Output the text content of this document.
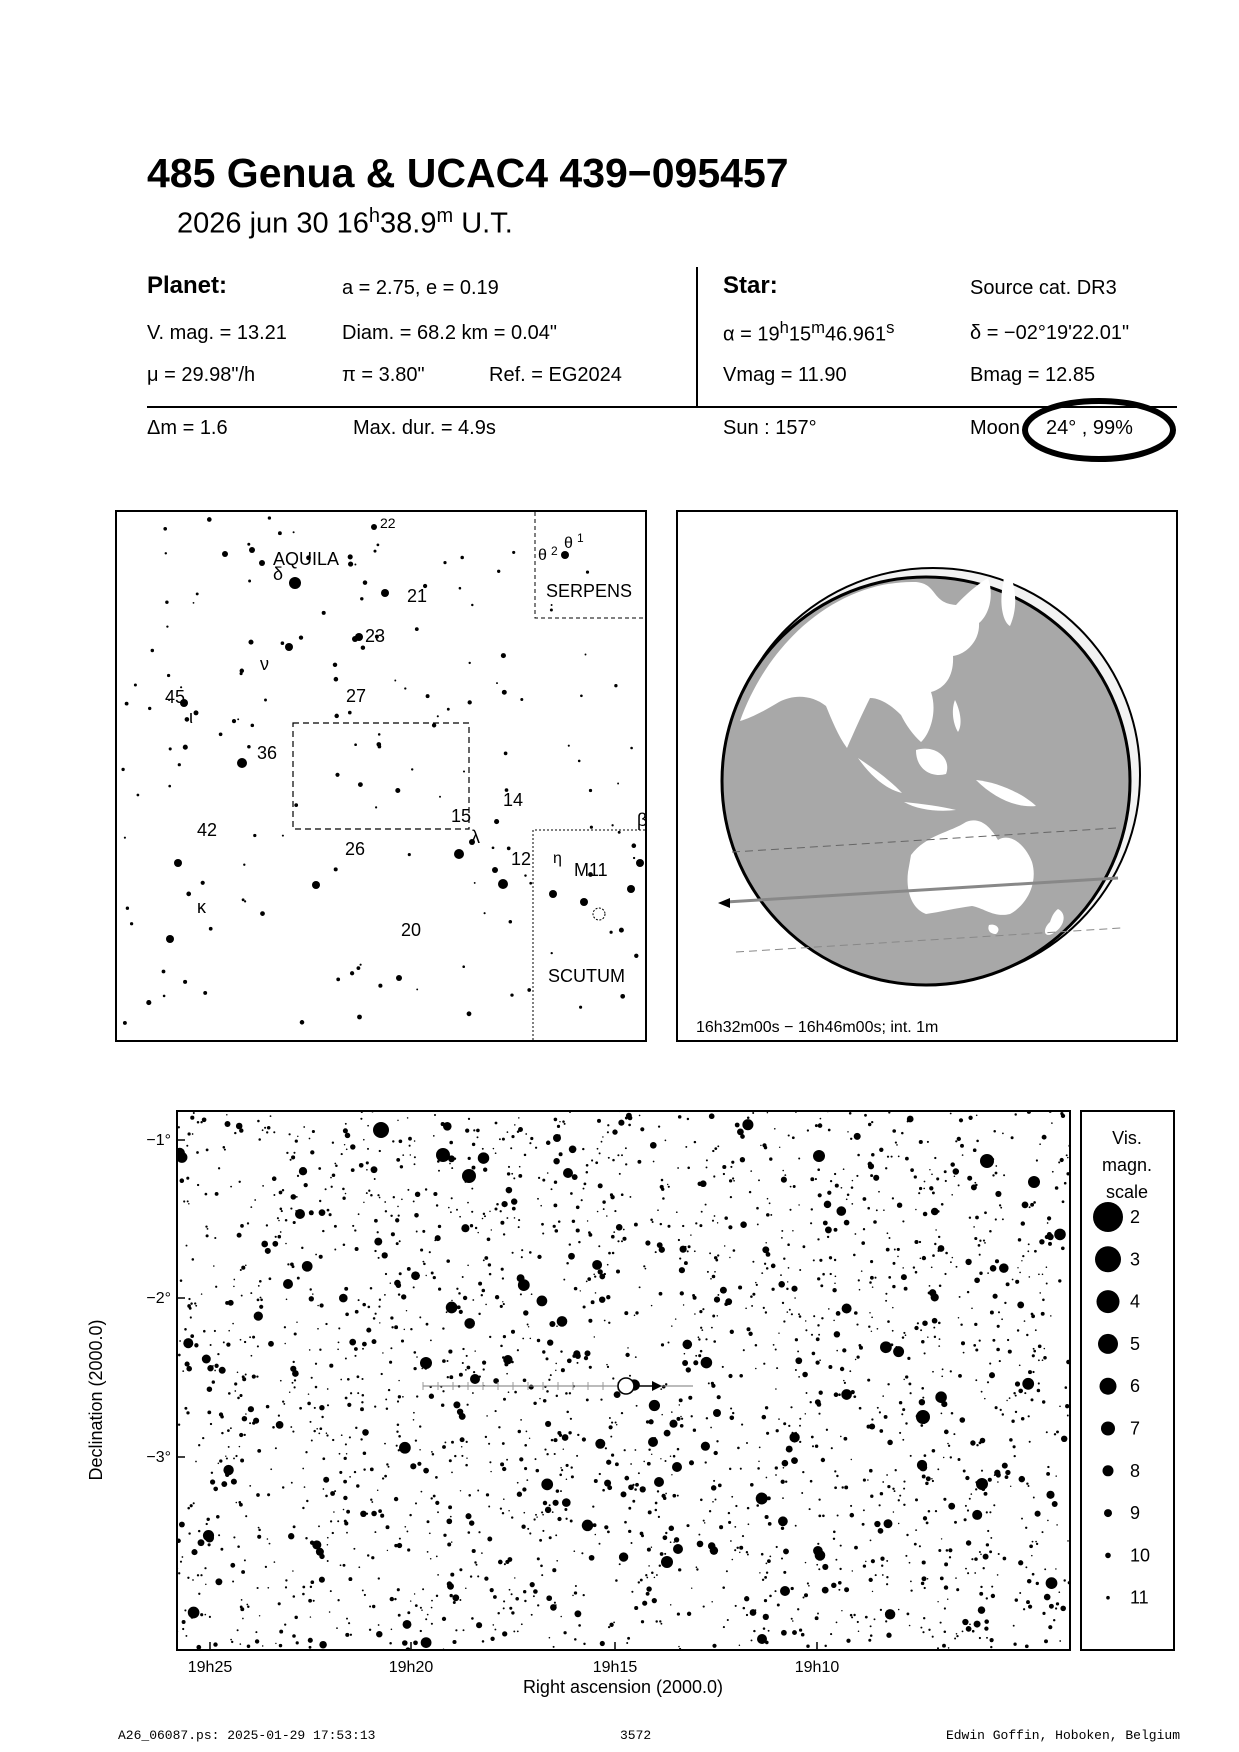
485 Genua & UCAC4 439−095457
2026 jun 30 16$^h$38.9$^m$ U.T.
Planet:	a = 2.75, e = 0.19
V. mag. = 13.21	Diam. = 68.2 km = 0.04"
μ = 29.98"/h	π = 3.80"	Ref. = EG2024
Δm = 1.6	Max. dur. = 4.9s
Star:	Source cat. DR3
$\alpha = 19^h15^m46.961^s$	δ = −02°19'22.01"
Vmag = 11.90	Bmag = 12.85
Sun : 157°	Moon 24° , 99%
22
AQUILA
δ
21
23
ν
45
ι
27
36
15
14
42	λ
26	12 η
M11
κ
20
θ 1
θ 2
SERPENS
β
SCUTUM
16h32m00s − 16h46m00s; int. 1m
−1°
−2°
−3°
19h25	19h20	19h15	19h10
Declination (2000.0)
Right ascension (2000.0)
Vis.
magn.
scale
2
3
4
5
6
7
8
9
10
11
A26_06087.ps: 2025-01-29 17:53:13	3572	Edwin Goffin, Hoboken, Belgium
